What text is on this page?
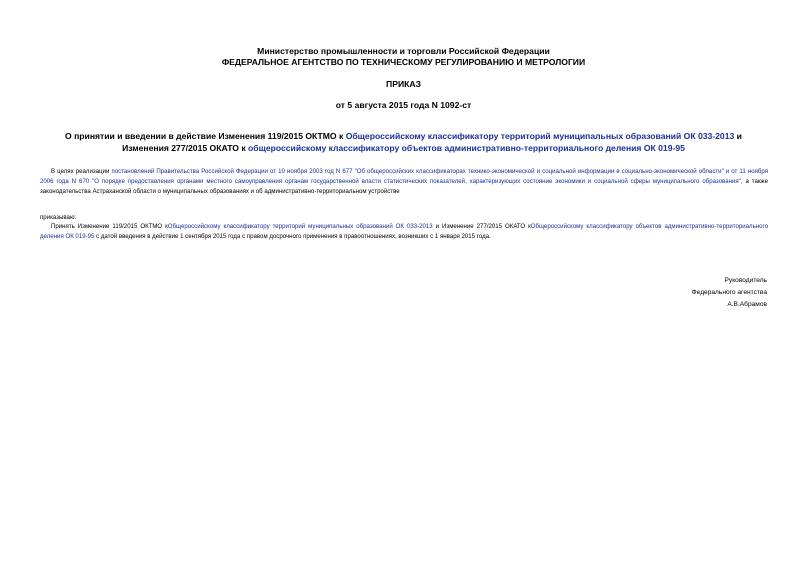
Министерство промышленности и торговли Российской Федерации
ФЕДЕРАЛЬНОЕ АГЕНТСТВО ПО ТЕХНИЧЕСКОМУ РЕГУЛИРОВАНИЮ И МЕТРОЛОГИИ
ПРИКАЗ
от 5 августа 2015 года N 1092-ст
О принятии и введении в действие Изменения 119/2015 ОКТМО к Общероссийскому классификатору территорий муниципальных образований ОК 033-2013 и Изменения 277/2015 ОКАТО к общероссийскому классификатору объектов административно-территориального деления ОК 019-95
В целях реализации постановлений Правительства Российской Федерации от 10 ноября 2003 год N 677 "Об общероссийских классификаторах технико-экономической и социальной информации в социально-экономической области" и от 11 ноября 2006 года N 670 "О порядке предоставления органами местного самоуправления органам государственной власти статистических показателей, характеризующих состояние экономики и социальной сферы муниципального образования", а также законодательства Астраханской области о муниципальных образованиях и об административно-территориальном устройстве
приказываю:
Принять Изменение 119/2015 ОКТМО кОбщероссийскому классификатору территорий муниципальных образований ОК 033-2013 и Изменение 277/2015 ОКАТО кОбщероссийскому классификатору объектов административно-территориального деления ОК 019-95 с датой введения в действие 1 сентября 2015 года с правом досрочного применения в правоотношениях, возникших с 1 января 2015 года.
Руководитель
Федерального агентства
А.В.Абрамов
